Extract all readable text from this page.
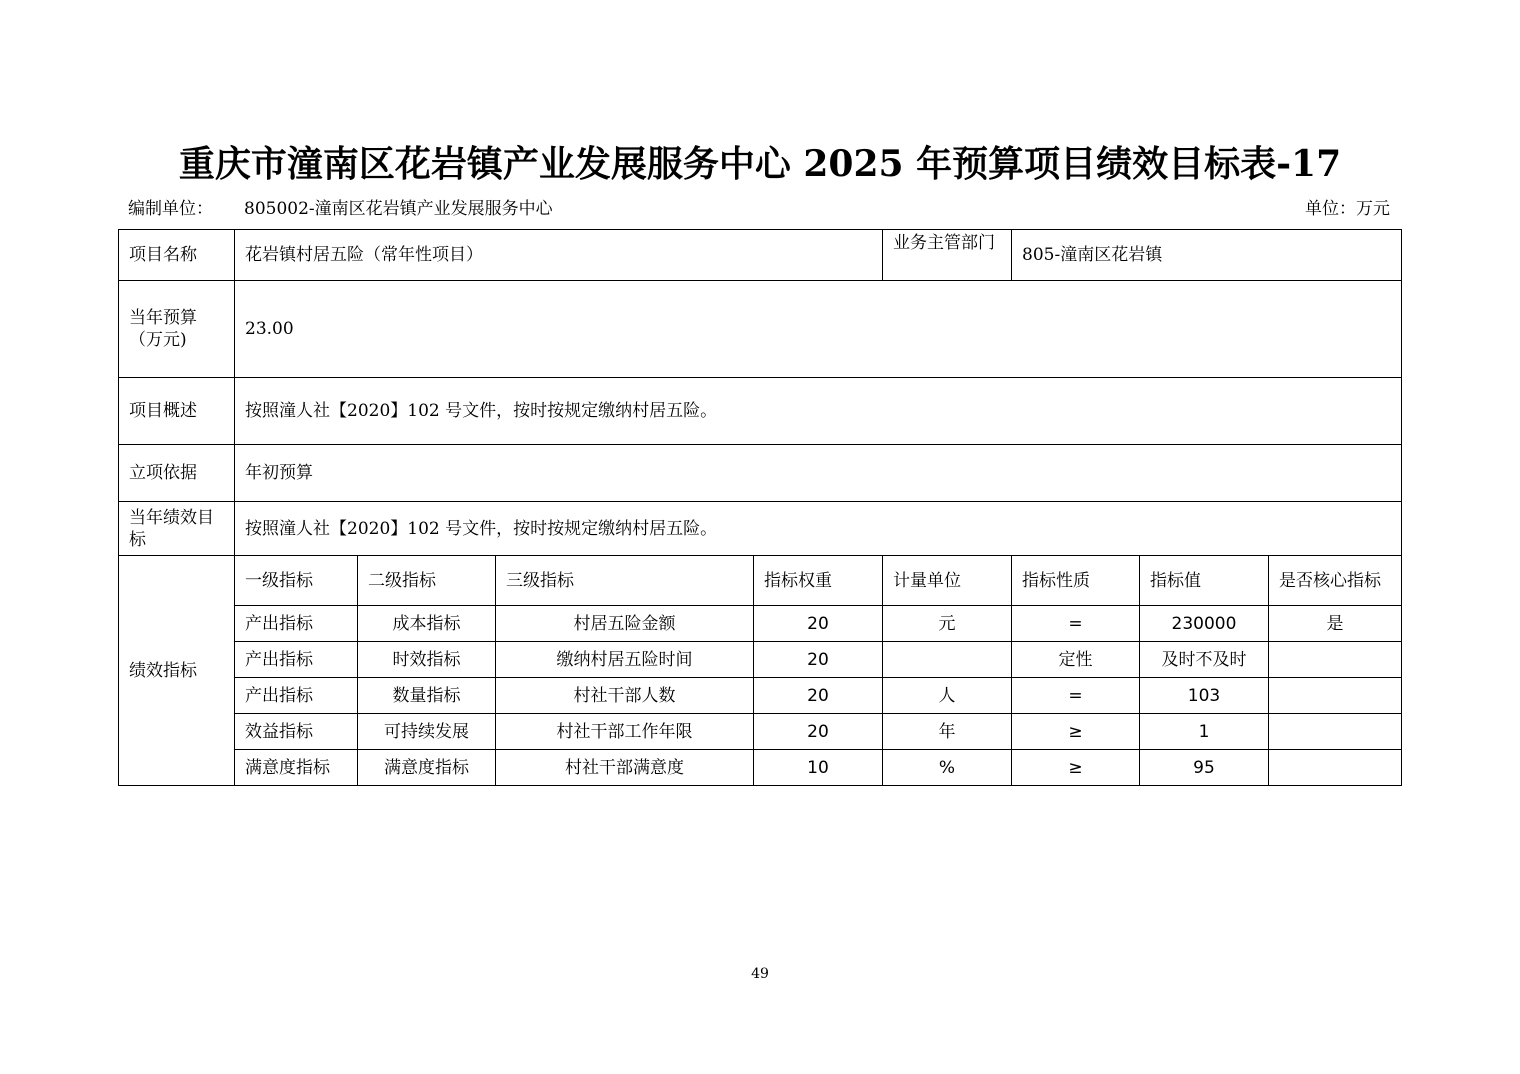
重庆市潼南区花岩镇产业发展服务中心 2025 年预算项目绩效目标表-17
编制单位： 805002-潼南区花岩镇产业发展服务中心	单位：万元
项目名称	花岩镇村居五险（常年性项目）				业务主管部门	805-潼南区花岩镇		
当年预算（万元)	23.00							
项目概述	按照潼人社【2020】102 号文件，按时按规定缴纳村居五险。							
立项依据	年初预算							
当年绩效目标	按照潼人社【2020】102 号文件，按时按规定缴纳村居五险。							
绩效指标	一级指标	二级指标	三级指标	指标权重	计量单位	指标性质	指标值	是否核心指标
	产出指标	成本指标	村居五险金额	20	元	=	230000	是
	产出指标	时效指标	缴纳村居五险时间	20		定性	及时不及时	
	产出指标	数量指标	村社干部人数	20	人	=	103	
	效益指标	可持续发展	村社干部工作年限	20	年	≥	1	
	满意度指标	满意度指标	村社干部满意度	10	%	≥	95	
49
